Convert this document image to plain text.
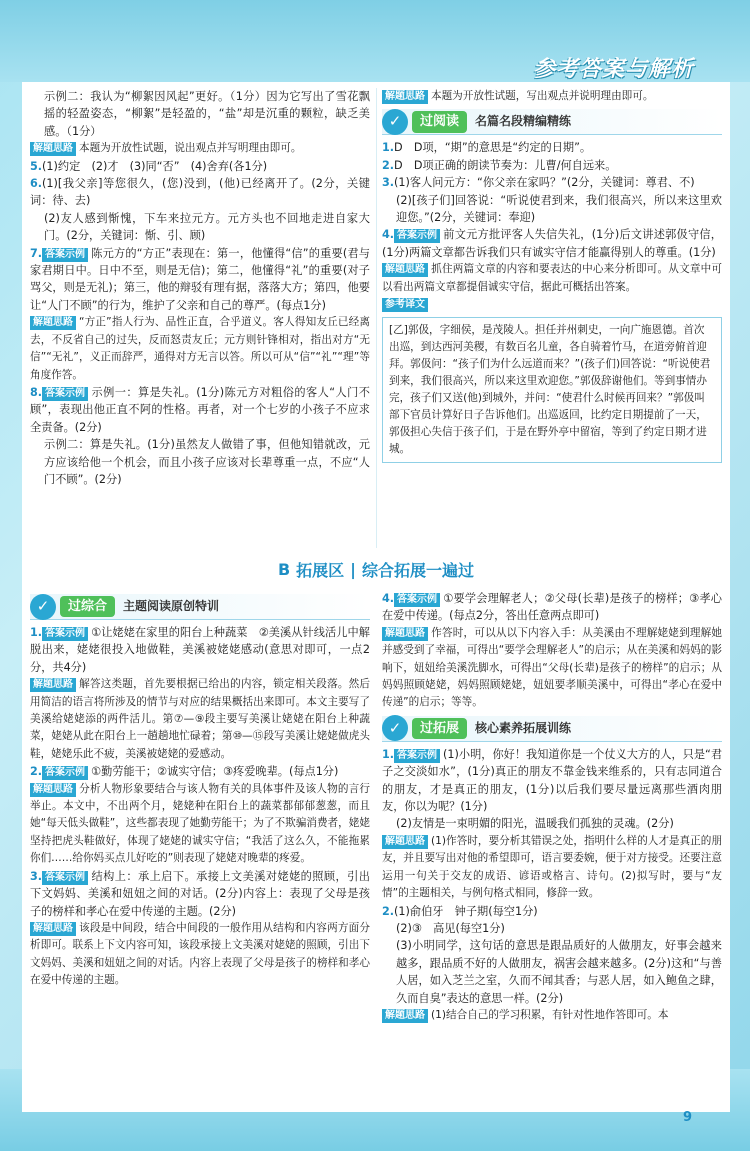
参考答案与解析

示例二：我认为“柳絮因风起”更好。（1分）因为它写出了雪花飘摇的轻盈姿态，“柳絮”是轻盈的，“盐”却是沉重的颗粒，缺乏美感。（1分）

解题思路 本题为开放性试题，说出观点并写明理由即可。

5.(1)约定　(2)才　(3)同“否”　(4)舍弃(各1分)

6.(1)[我父亲]等您很久，(您)没到，(他)已经离开了。(2分，关键词：待、去)

(2)友人感到惭愧，下车来拉元方。元方头也不回地走进自家大门。(2分，关键词：惭、引、顾)

7. 答案示例 陈元方的“方正”表现在：第一，他懂得“信”的重要(君与家君期日中。日中不至，则是无信)；第二，他懂得“礼”的重要(对子骂父，则是无礼)；第三，他的辩驳有理有据，落落大方；第四，他要让“人门不顾”的行为，维护了父亲和自己的尊严。(每点1分)

解题思路 “方正”指人行为、品性正直，合乎道义。客人得知友丘已经离去，不反省自己的过失，反而怒责友丘；元方则针锋相对，指出对方“无信”“无礼”，义正而辞严，通得对方无言以答。所以可从“信”“礼”“理”等角度作答。

8. 答案示例 示例一：算是失礼。(1分)陈元方对粗俗的客人“人门不顾”，表现出他正直不阿的性格。再者，对一个七岁的小孩子不应求全责备。(2分)

示例二：算是失礼。(1分)虽然友人做错了事，但他知错就改，元方应该给他一个机会，而且小孩子应该对长辈尊重一点，不应“人门不顾”。(2分)

解题思路 本题为开放性试题，写出观点并说明理由即可。

✓	过阅读	名篇名段精编精练

1.D　D项，“期”的意思是“约定的日期”。

2.D　D项正确的朗读节奏为：儿曹/何自远来。

3.(1)客人问元方：“你父亲在家吗？”(2分，关键词：尊君、不)

(2)[孩子们]回答说：“听说使君到来，我们很高兴，所以来这里欢迎您。”(2分，关键词：奉迎)

4. 答案示例 前文元方批评客人失信失礼，(1分)后文讲述郭伋守信，(1分)两篇文章都告诉我们只有诚实守信才能赢得别人的尊重。(1分)

解题思路 抓住两篇文章的内容和要表达的中心来分析即可。从文章中可以看出两篇文章都提倡诚实守信，据此可概括出答案。

参考译文

[乙]郭伋，字细侯，是茂陵人。担任并州刺史，一向广施恩德。首次出巡，到达西河美稷，有数百名儿童，各自骑着竹马，在道旁俯首迎拜。郭伋问：“孩子们为什么远道而来？”(孩子们)回答说：“听说使君到来，我们很高兴，所以来这里欢迎您。”郭伋辞谢他们。等到事情办完，孩子们又送(他)到城外，并问：“使君什么时候再回来？”郭伋叫部下官员计算好日子告诉他们。出巡返回，比约定日期提前了一天，郭伋担心失信于孩子们，于是在野外亭中留宿，等到了约定日期才进城。
B 拓展区 | 综合拓展一遍过
✓	过综合	主题阅读原创特训

1. 答案示例 ①让姥姥在家里的阳台上种蔬菜　②美溪从针线活儿中解脱出来，姥姥很投入地做鞋，美溪被姥姥感动(意思对即可，一点2分，共4分)

解题思路 解答这类题，首先要根据已给出的内容，锁定相关段落。然后用简洁的语言将所涉及的情节与对应的结果概括出来即可。本文主要写了美溪给姥姥添的两件活儿。第⑦—⑨段主要写美溪让姥姥在阳台上种蔬菜，姥姥从此在阳台上一趟趟地忙碌着；第⑩—⑮段写美溪让姥姥做虎头鞋，姥姥乐此不疲，美溪被姥姥的爱感动。

2. 答案示例 ①勤劳能干；②诚实守信；③疼爱晚辈。(每点1分)

解题思路 分析人物形象要结合与该人物有关的具体事件及该人物的言行举止。本文中，不出两个月，姥姥种在阳台上的蔬菜都郁郁葱葱，而且她“每天低头做鞋”，这些都表现了她勤劳能干；为了不欺骗消费者，姥姥坚持把虎头鞋做好，体现了姥姥的诚实守信；“我活了这么久，不能拖累你们……给你妈买点儿好吃的”则表现了姥姥对晚辈的疼爱。

3. 答案示例 结构上：承上启下。承接上文美溪对姥姥的照顾，引出下文妈妈、美溪和妞妞之间的对话。(2分)内容上：表现了父母是孩子的榜样和孝心在爱中传递的主题。(2分)

解题思路 该段是中间段，结合中间段的一般作用从结构和内容两方面分析即可。联系上下文内容可知，该段承接上文美溪对姥姥的照顾，引出下文妈妈、美溪和妞妞之间的对话。内容上表现了父母是孩子的榜样和孝心在爱中传递的主题。

4. 答案示例 ①要学会理解老人；②父母(长辈)是孩子的榜样；③孝心在爱中传递。(每点2分，答出任意两点即可)

解题思路 作答时，可以从以下内容入手：从美溪由不理解姥姥到理解她并感受到了幸福，可得出“要学会理解老人”的启示；从在美溪和妈妈的影响下，妞妞给美溪洗脚水，可得出“父母(长辈)是孩子的榜样”的启示；从妈妈照顾姥姥，妈妈照顾姥姥，妞妞要孝顺美溪中，可得出“孝心在爱中传递”的启示；等等。

✓	过拓展	核心素养拓展训练

1. 答案示例 (1)小明，你好！我知道你是一个仗义大方的人，只是“君子之交淡如水”，(1分)真正的朋友不靠金钱来维系的，只有志同道合的朋友，才是真正的朋友，(1分)以后我们要尽量远离那些酒肉朋友，你以为呢？(1分)

(2)友情是一束明媚的阳光，温暖我们孤独的灵魂。(2分)

解题思路 (1)作答时，要分析其错误之处，指明什么样的人才是真正的朋友，并且要写出对他的希望即可，语言要委婉，便于对方接受。还要注意运用一句关于交友的成语、谚语或格言、诗句。(2)拟写时，要与“友情”的主题相关，与例句格式相同，修辞一致。

2.(1)俞伯牙　钟子期(每空1分)

(2)③　高见(每空1分)

(3)小明同学，这句话的意思是跟品质好的人做朋友，好事会越来越多，跟品质不好的人做朋友，祸害会越来越多。(2分)这和“与善人居，如入芝兰之室，久而不闻其香；与恶人居，如入鲍鱼之肆，久而自臭”表达的意思一样。(2分)

解题思路 (1)结合自己的学习积累，有针对性地作答即可。本

9
